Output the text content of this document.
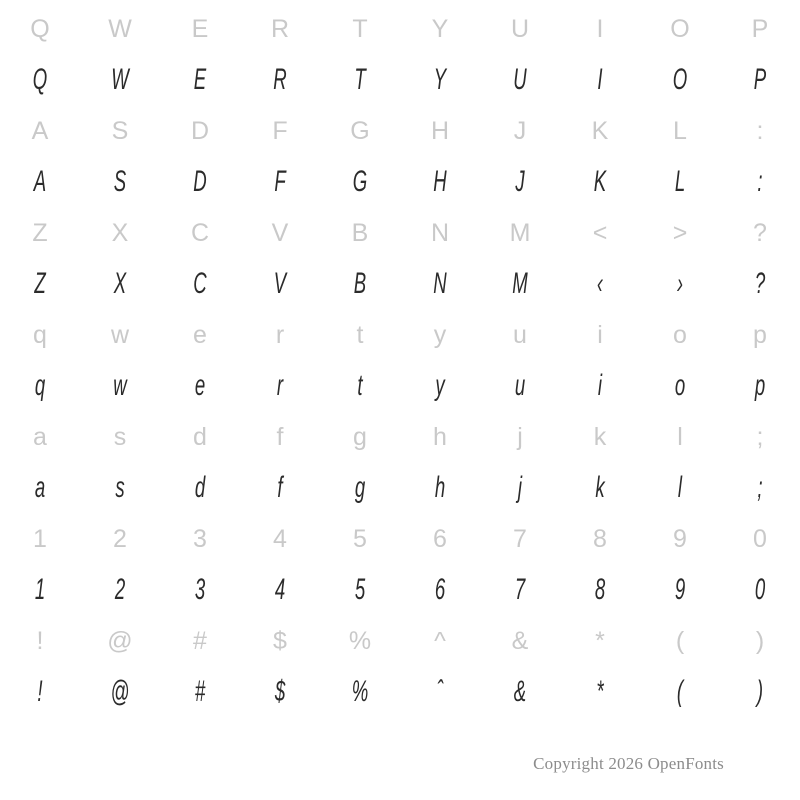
Q	W	E	R	T	Y	U	I	O	P
Q	W	E	R	T	Y	U	I	O	P
A	S	D	F	G	H	J	K	L	:
A	S	D	F	G	H	J	K	L	:
Z	X	C	V	B	N	M	<	>	?
Z	X	C	V	B	N	M	‹	›	?
q	w	e	r	t	y	u	i	o	p
q	w	e	r	t	y	u	i	o	p
a	s	d	f	g	h	j	k	l	;
a	s	d	f	g	h	j	k	l	;
1	2	3	4	5	6	7	8	9	0
1	2	3	4	5	6	7	8	9	0
!	@	#	$	%	^	&	*	(	)
!	@	#	$	%	ˆ	&	*	(	)
Copyright 2026 OpenFonts
